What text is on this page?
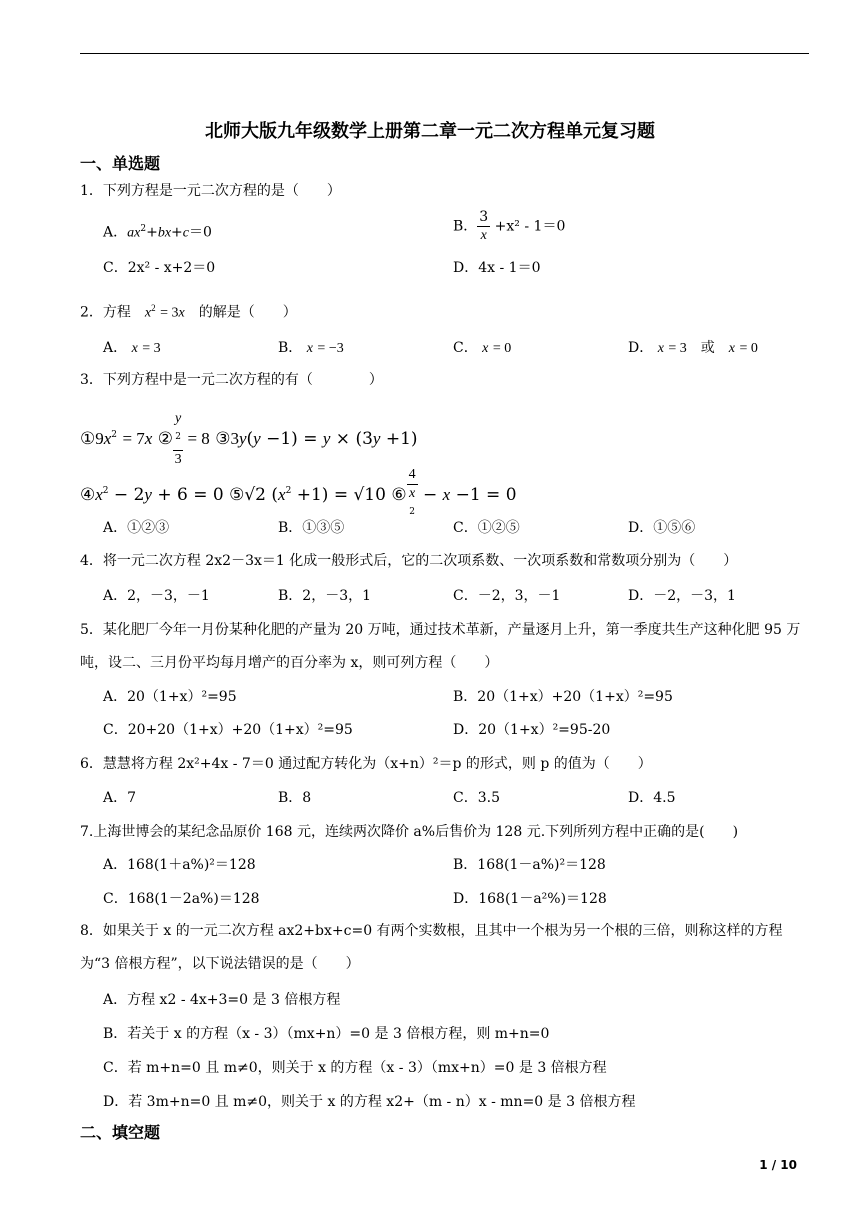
北师大版九年级数学上册第二章一元二次方程单元复习题
一、单选题
1．下列方程是一元二次方程的是（　　）
A．$ax^2+bx+c=0$	B． $\frac{3}{x} +x^2 - 1=0$
C．2x² - x+2＝0	D．4x - 1＝0
2．方程　 $x^2 = 3x$　 的解是（　　）
A． x = 3	B． x = −3	C． x = 0	D． x = 3　 或　 x = 0
3．下列方程中是一元二次方程的有（　　　　）
$①9x^2 = 7x$ ② y
$^2$
3 = 8 ③3y(y −1) = y × (3y +1)
$④x^2 - 2y + 6 = 0$ ⑤√2 $(x^2 +1) = √10$ ⑥ 4
x
$^2$ − x −1 = 0
A．①②③	B．①③⑤	C．①②⑤	D．①⑤⑥
4．将一元二次方程 2x2－3x＝1 化成一般形式后，它的二次项系数、一次项系数和常数项分别为（　　）
A．2，－3，－1	B．2，－3，1	C．－2，3，－1	D．－2，－3，1
5．某化肥厂今年一月份某种化肥的产量为 20 万吨，通过技术革新，产量逐月上升，第一季度共生产这种化肥 95 万吨，设二、三月份平均每月增产的百分率为 x，则可列方程（　　）
A．20（1+x）²=95	B．20（1+x）+20（1+x）²=95
C．20+20（1+x）+20（1+x）²=95	D．20（1+x）²=95-20
6．慧慧将方程 2x²+4x - 7＝0 通过配方转化为（x+n）²＝p 的形式，则 p 的值为（　　）
A．7	B．8	C．3.5	D．4.5
7.上海世博会的某纪念品原价 168 元，连续两次降价 a%后售价为 128 元.下列所列方程中正确的是(　　)
A．168(1＋a%)²＝128	B．168(1－a%)²＝128
C．168(1－2a%)＝128	D．168(1－a²%)＝128
8．如果关于 x 的一元二次方程 ax2+bx+c=0 有两个实数根，且其中一个根为另一个根的三倍，则称这样的方程为“3 倍根方程”，以下说法错误的是（　　）
A．方程 x2 - 4x+3=0 是 3 倍根方程
B．若关于 x 的方程（x - 3）（mx+n）=0 是 3 倍根方程，则 m+n=0
C．若 m+n=0 且 m≠0，则关于 x 的方程（x - 3）（mx+n）=0 是 3 倍根方程
D．若 3m+n=0 且 m≠0，则关于 x 的方程 x2+（m - n）x - mn=0 是 3 倍根方程
二、填空题
1 / 10
